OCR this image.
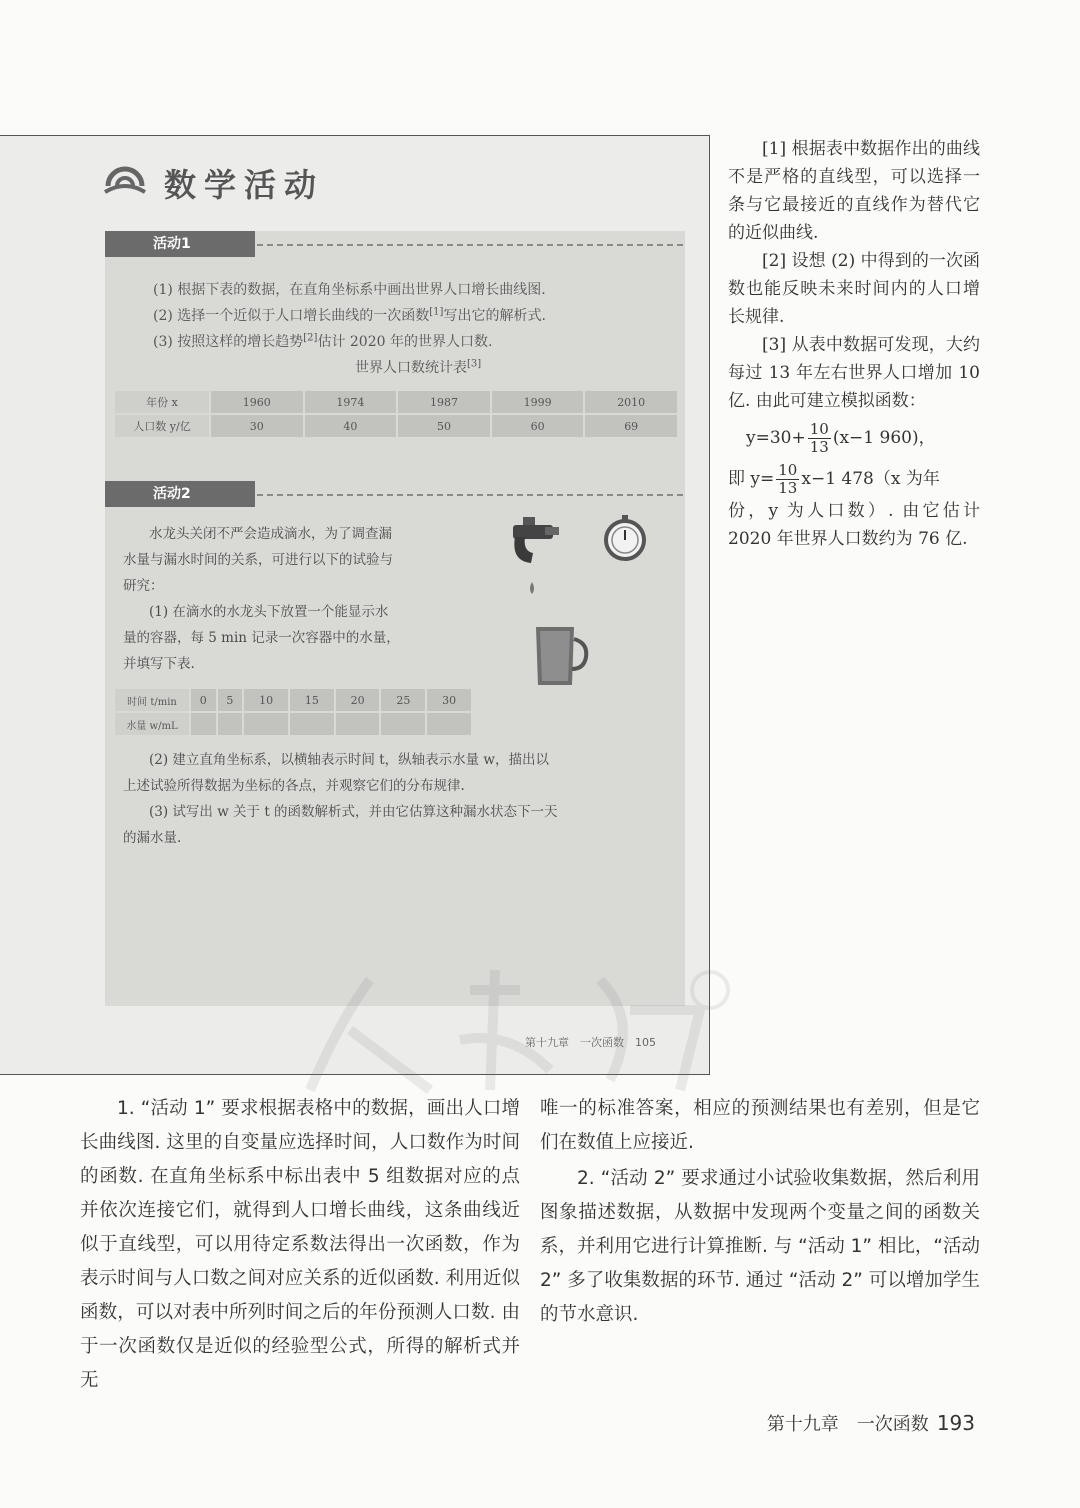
数学活动
活动1
(1) 根据下表的数据，在直角坐标系中画出世界人口增长曲线图.
(2) 选择一个近似于人口增长曲线的一次函数[1]写出它的解析式.
(3) 按照这样的增长趋势[2]估计 2020 年的世界人口数.
世界人口数统计表[3]
年份 x	1960	1974	1987	1999	2010
人口数 y/亿	30	40	50	60	69
活动2
水龙头关闭不严会造成滴水，为了调查漏
水量与漏水时间的关系，可进行以下的试验与
研究：
(1) 在滴水的水龙头下放置一个能显示水
量的容器，每 5 min 记录一次容器中的水量，
并填写下表.
时间 t/min	0	5	10	15	20	25	30
水量 w/mL							
(2) 建立直角坐标系，以横轴表示时间 t，纵轴表示水量 w，描出以
上述试验所得数据为坐标的各点，并观察它们的分布规律.
(3) 试写出 w 关于 t 的函数解析式，并由它估算这种漏水状态下一天
的漏水量.
第十九章　一次函数　105

[1] 根据表中数据作出的曲线不是严格的直线型，可以选择一条与它最接近的直线作为替代它的近似曲线.

[2] 设想 (2) 中得到的一次函数也能反映未来时间内的人口增长规律.

[3] 从表中数据可发现，大约每过 13 年左右世界人口增加 10 亿. 由此可建立模拟函数：

$y=30+ \frac{10}{13} (x-1$ 960)，

即 $y= \frac{10}{13} x-1$ 478（x 为年

份，y 为人口数）. 由它估计 2020 年世界人口数约为 76 亿.

1. “活动 1” 要求根据表格中的数据，画出人口增长曲线图. 这里的自变量应选择时间，人口数作为时间的函数. 在直角坐标系中标出表中 5 组数据对应的点并依次连接它们，就得到人口增长曲线，这条曲线近似于直线型，可以用待定系数法得出一次函数，作为表示时间与人口数之间对应关系的近似函数. 利用近似函数，可以对表中所列时间之后的年份预测人口数. 由于一次函数仅是近似的经验型公式，所得的解析式并无

唯一的标准答案，相应的预测结果也有差别，但是它们在数值上应接近.

2. “活动 2” 要求通过小试验收集数据，然后利用图象描述数据，从数据中发现两个变量之间的函数关系，并利用它进行计算推断. 与 “活动 1” 相比，“活动 2” 多了收集数据的环节. 通过 “活动 2” 可以增加学生的节水意识.

第十九章　一次函数 193
